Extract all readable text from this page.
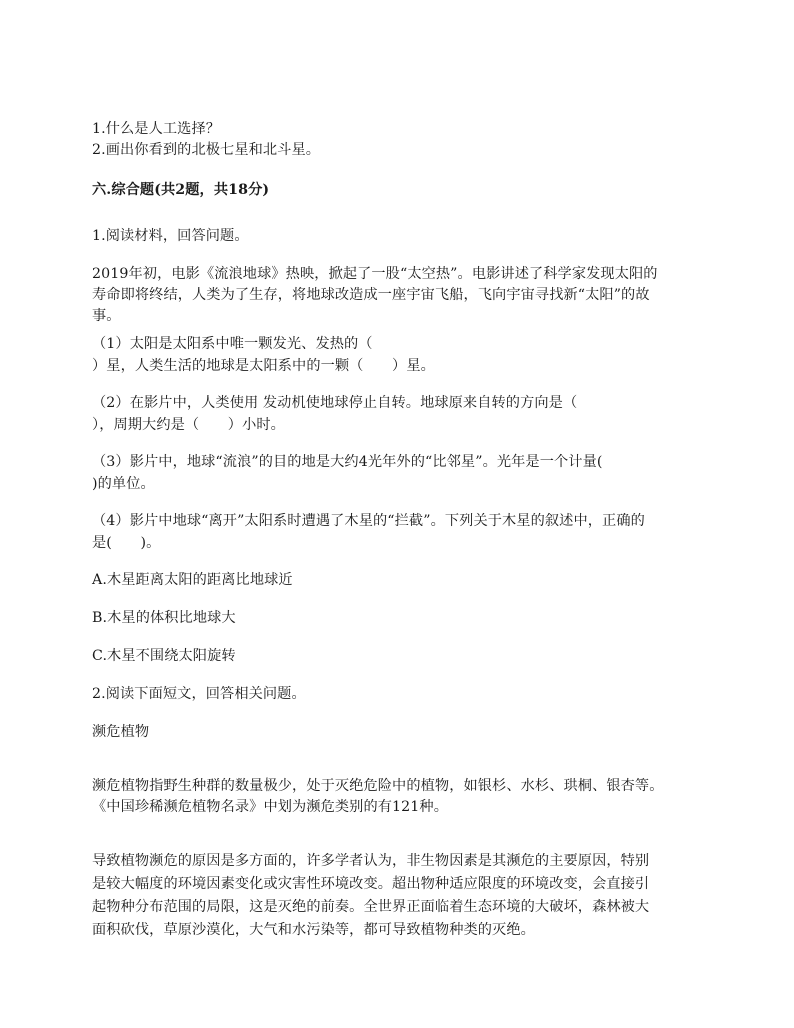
1.什么是人工选择？
2.画出你看到的北极七星和北斗星。
六.综合题(共2题，共18分)
1.阅读材料，回答问题。
2019年初，电影《流浪地球》热映，掀起了一股“太空热”。电影讲述了科学家发现太阳的
寿命即将终结，人类为了生存，将地球改造成一座宇宙飞船，飞向宇宙寻找新“太阳”的故
事。
（1）太阳是太阳系中唯一颗发光、发热的（
）星，人类生活的地球是太阳系中的一颗（　　）星。
（2）在影片中，人类使用 发动机使地球停止自转。地球原来自转的方向是（
），周期大约是（　　）小时。
（3）影片中，地球“流浪”的目的地是大约4光年外的“比邻星”。光年是一个计量(
)的单位。
（4）影片中地球“离开”太阳系时遭遇了木星的“拦截”。下列关于木星的叙述中，正确的
是(　　)。
A.木星距离太阳的距离比地球近
B.木星的体积比地球大
C.木星不围绕太阳旋转
2.阅读下面短文，回答相关问题。
濒危植物
濒危植物指野生种群的数量极少，处于灭绝危险中的植物，如银杉、水杉、珙桐、银杏等。
《中国珍稀濒危植物名录》中划为濒危类别的有121种。
导致植物濒危的原因是多方面的，许多学者认为，非生物因素是其濒危的主要原因，特别
是较大幅度的环境因素变化或灾害性环境改变。超出物种适应限度的环境改变，会直接引
起物种分布范围的局限，这是灭绝的前奏。全世界正面临着生态环境的大破坏，森林被大
面积砍伐，草原沙漠化，大气和水污染等，都可导致植物种类的灭绝。
